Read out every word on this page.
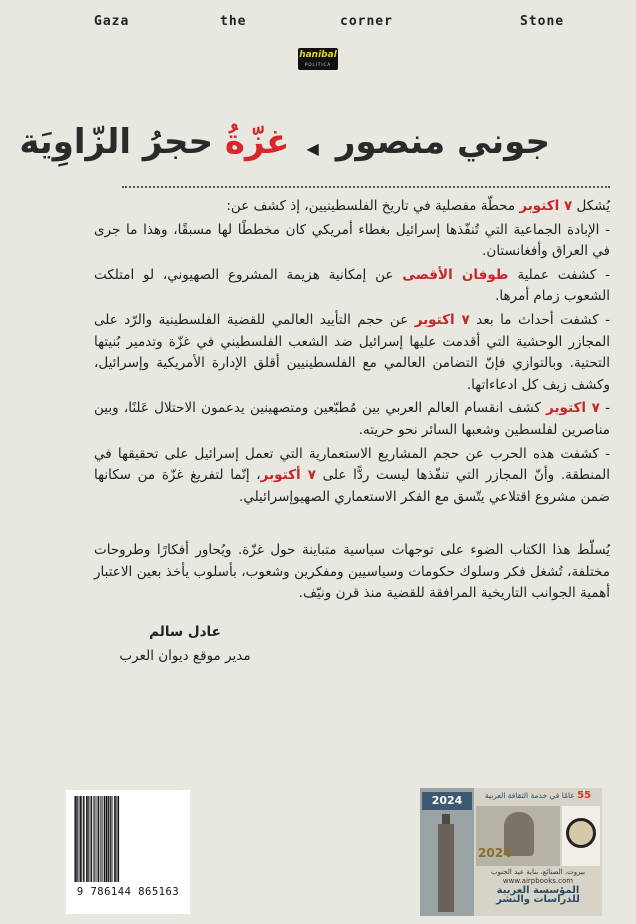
Gaza	the	corner	Stone
hanibal
POLITICA
جوني منصور ◀ غزّةُ حجرُ الزّاوِيَة

يُشكل ٧ اكتوبر محطّة مفصلية في تاريخ الفلسطينيين، إذ كشف عن:

- الإبادة الجماعية التي تُنفّذها إسرائيل بغطاء أمريكي كان مخططًا لها مسبقًا، وهذا ما جرى في العراق وأفغانستان.

- كشفت عملية طوفان الأقصى عن إمكانية هزيمة المشروع الصهيوني، لو امتلكت الشعوب زمام أمرها.

- كشفت أحداث ما بعد ٧ اكتوبر عن حجم التأييد العالمي للقضية الفلسطينية والرّد على المجازر الوحشية التي أقدمت عليها إسرائيل ضد الشعب الفلسطيني في غزّة وتدمير بُنيتها التحتية. وبالتوازي فإنّ التضامن العالمي مع الفلسطينيين أقلق الإدارة الأمريكية وإسرائيل، وكشف زيف كل ادعاءاتها.

- ٧ اكتوبر كشف انقسام العالم العربي بين مُطبّعين ومتصهينين يدعمون الاحتلال عَلنًا، وبين مناصرين لفلسطين وشعبها السائر نحو حريته.

- كشفت هذه الحرب عن حجم المشاريع الاستعمارية التي تعمل إسرائيل على تحقيقها في المنطقة. وأنّ المجازر التي تنفّذها ليست ردًّا على ٧ أكتوبر، إنّما لتفريغ غزّة من سكانها ضمن مشروع اقتلاعي يتّسق مع الفكر الاستعماري الصهيوإسرائيلي.

يُسلّط هذا الكتاب الضوء على توجهات سياسية متباينة حول غزّة. ويُحاور أفكارًا وطروحات مختلفة، تُشغل فكر وسلوك حكومات وسياسيين ومفكرين وشعوب، بأسلوب يأخذ بعين الاعتبار أهمية الجوانب التاريخية المرافقة للقضية منذ قرن ونيّف.
عادل سالم
مدير موقع ديوان العرب
9 786144 865163
2024	55 عامًا في خدمة الثقافة العربية
2024
بيروت، الصنائع، بناية عيد الجنوب
www.airpbooks.com
المؤسسة العربية للدراسات والنشر
